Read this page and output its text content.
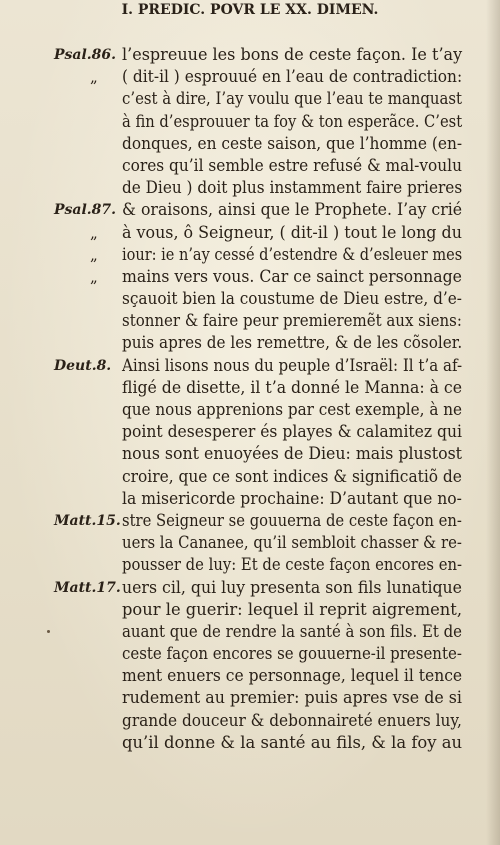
I. PREDIC. POVR LE XX. DIMEN.
Psal.86. l’espreuue les bons de ceste façon. Ie t’ay
„	( dit-il ) esprouué en l’eau de contradiction:
c’est à dire, I’ay voulu que l’eau te manquast
à fin d’esprouuer ta foy & ton esperãce. C’est
donques, en ceste saison, que l’homme (en-
cores qu’il semble estre refusé & mal-voulu
de Dieu ) doit plus instamment faire prieres
Psal.87. & oraisons, ainsi que le Prophete. I’ay crié
„	à vous, ô Seigneur, ( dit-il ) tout le long du
„	iour: ie n’ay cessé d’estendre & d’esleuer mes
„	mains vers vous. Car ce sainct personnage
sçauoit bien la coustume de Dieu estre, d’e-
stonner & faire peur premieremẽt aux siens:
puis apres de les remettre, & de les cõsoler.
Deut.8. Ainsi lisons nous du peuple d’Israël: Il t’a af-
fligé de disette, il t’a donné le Manna: à ce
que nous apprenions par cest exemple, à ne
point desesperer és playes & calamitez qui
nous sont enuoyées de Dieu: mais plustost
croire, que ce sont indices & significatiõ de
la misericorde prochaine: D’autant que no-
Matt.15. stre Seigneur se gouuerna de ceste façon en-
uers la Cananee, qu’il sembloit chasser & re-
pousser de luy: Et de ceste façon encores en-
Matt.17. uers cil, qui luy presenta son fils lunatique
pour le guerir: lequel il reprit aigrement,
auant que de rendre la santé à son fils. Et de
ceste façon encores se gouuerne-il presente-
ment enuers ce personnage, lequel il tence
rudement au premier: puis apres vse de si
grande douceur & debonnaireté enuers luy,
qu’il donne & la santé au fils, & la foy au
